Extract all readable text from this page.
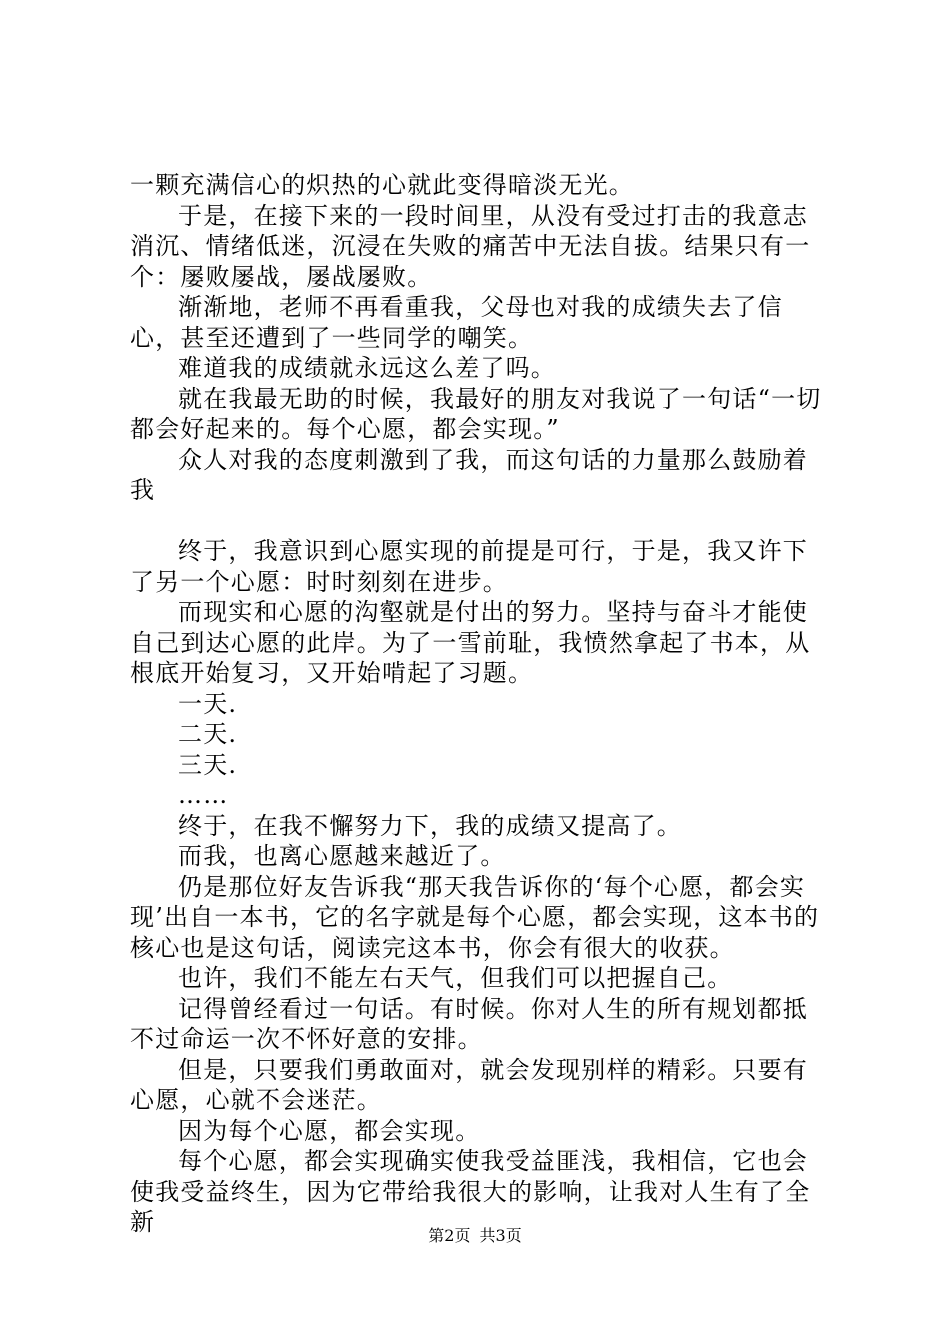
一颗充满信心的炽热的心就此变得暗淡无光。

于是，在接下来的一段时间里，从没有受过打击的我意志消沉、情绪低迷，沉浸在失败的痛苦中无法自拔。结果只有一个：屡败屡战，屡战屡败。

渐渐地，老师不再看重我，父母也对我的成绩失去了信心，甚至还遭到了一些同学的嘲笑。

难道我的成绩就永远这么差了吗。

就在我最无助的时候，我最好的朋友对我说了一句话“一切都会好起来的。每个心愿，都会实现。”

众人对我的态度刺激到了我，而这句话的力量那么鼓励着我

终于，我意识到心愿实现的前提是可行，于是，我又许下了另一个心愿：时时刻刻在进步。

而现实和心愿的沟壑就是付出的努力。坚持与奋斗才能使自己到达心愿的此岸。为了一雪前耻，我愤然拿起了书本，从根底开始复习，又开始啃起了习题。

一天.

二天.

三天.

……

终于，在我不懈努力下，我的成绩又提高了。

而我，也离心愿越来越近了。

仍是那位好友告诉我“那天我告诉你的‘每个心愿，都会实现’出自一本书，它的名字就是每个心愿，都会实现，这本书的核心也是这句话，阅读完这本书，你会有很大的收获。

也许，我们不能左右天气，但我们可以把握自己。

记得曾经看过一句话。有时候。你对人生的所有规划都抵不过命运一次不怀好意的安排。

但是，只要我们勇敢面对，就会发现别样的精彩。只要有心愿，心就不会迷茫。

因为每个心愿，都会实现。

每个心愿，都会实现确实使我受益匪浅，我相信，它也会使我受益终生，因为它带给我很大的影响，让我对人生有了全新	第2页 共3页
